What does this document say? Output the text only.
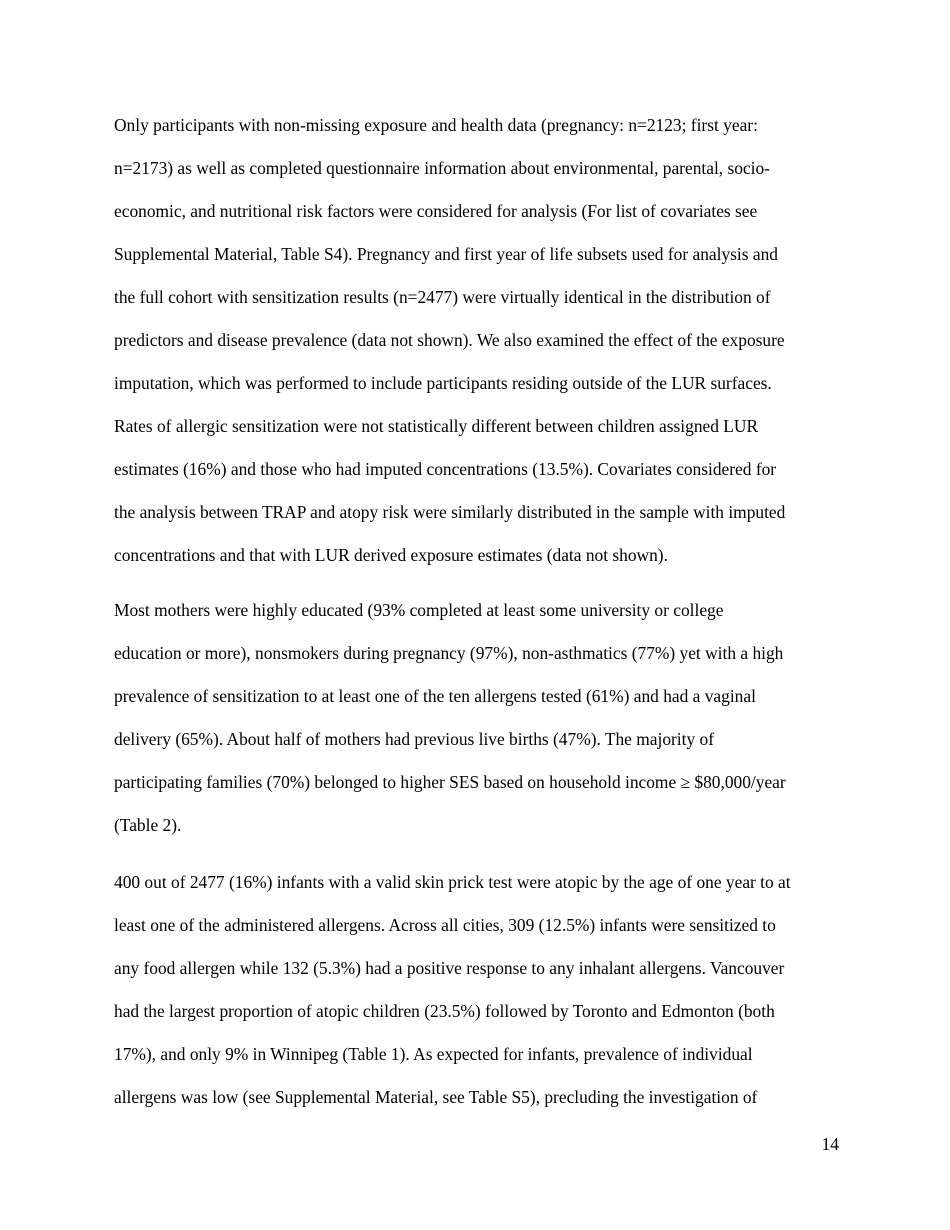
Only participants with non-missing exposure and health data (pregnancy: n=2123; first year:
n=2173) as well as completed questionnaire information about environmental, parental, socio-
economic, and nutritional risk factors were considered for analysis (For list of covariates see
Supplemental Material, Table S4). Pregnancy and first year of life subsets used for analysis and
the full cohort with sensitization results (n=2477) were virtually identical in the distribution of
predictors and disease prevalence (data not shown). We also examined the effect of the exposure
imputation, which was performed to include participants residing outside of the LUR surfaces.
Rates of allergic sensitization were not statistically different between children assigned LUR
estimates (16%) and those who had imputed concentrations (13.5%). Covariates considered for
the analysis between TRAP and atopy risk were similarly distributed in the sample with imputed
concentrations and that with LUR derived exposure estimates (data not shown).
Most mothers were highly educated (93% completed at least some university or college
education or more), nonsmokers during pregnancy (97%), non-asthmatics (77%) yet with a high
prevalence of sensitization to at least one of the ten allergens tested (61%) and had a vaginal
delivery (65%). About half of mothers had previous live births (47%). The majority of
participating families (70%) belonged to higher SES based on household income ≥ $80,000/year
(Table 2).
400 out of 2477 (16%) infants with a valid skin prick test were atopic by the age of one year to at
least one of the administered allergens. Across all cities, 309 (12.5%) infants were sensitized to
any food allergen while 132 (5.3%) had a positive response to any inhalant allergens. Vancouver
had the largest proportion of atopic children (23.5%) followed by Toronto and Edmonton (both
17%), and only 9% in Winnipeg (Table 1). As expected for infants, prevalence of individual
allergens was low (see Supplemental Material, see Table S5), precluding the investigation of
14
